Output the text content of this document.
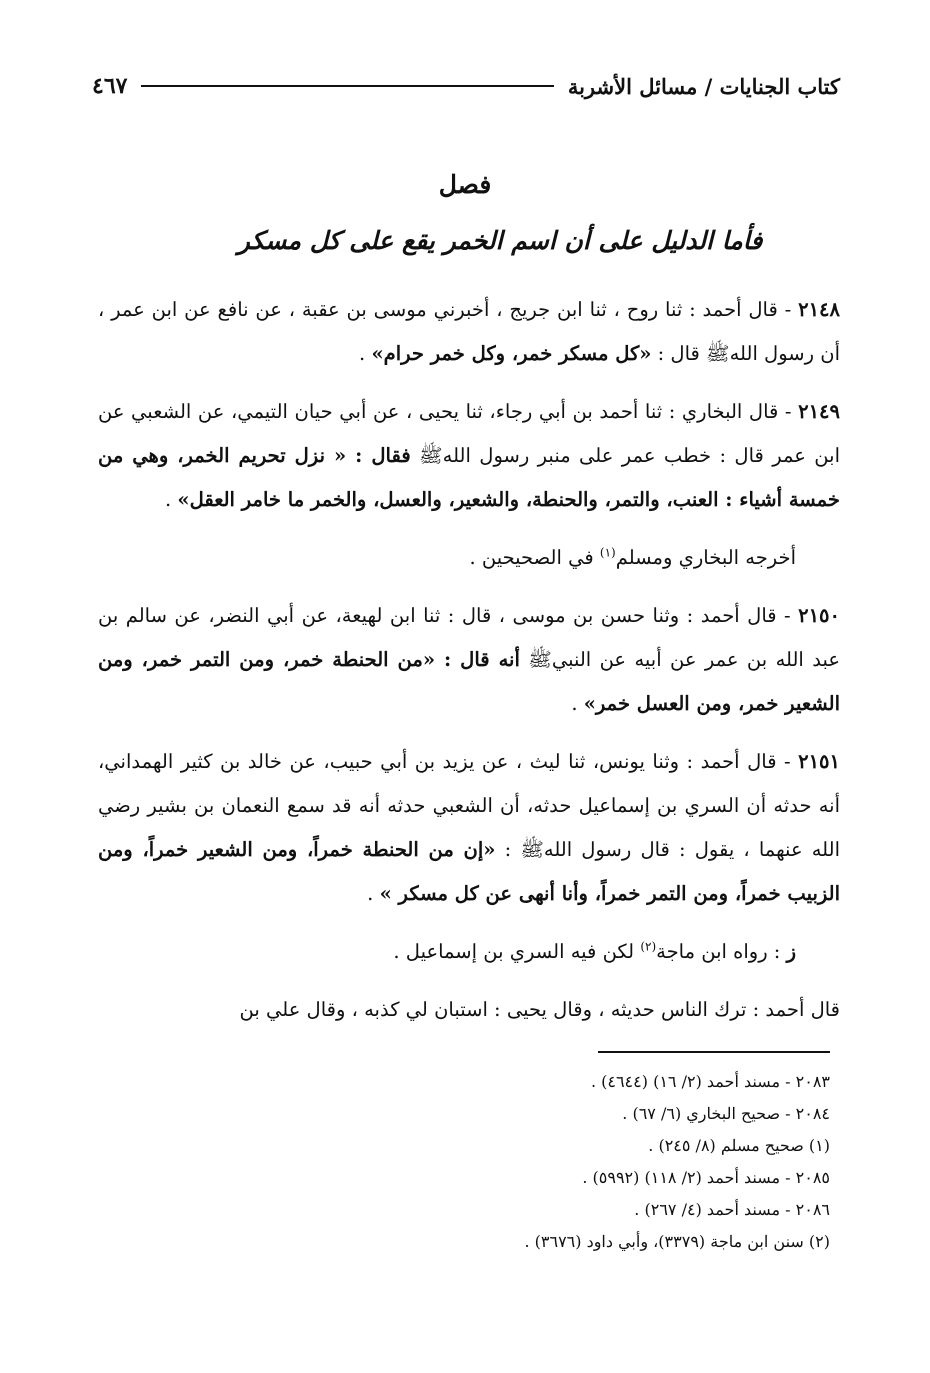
كتاب الجنايات / مسائل الأشربة
٤٦٧
فصل
فأما الدليل على أن اسم الخمر يقع على كل مسكر

٢١٤٨ - قال أحمد : ثنا روح ، ثنا ابن جريج ، أخبرني موسى بن عقبة ، عن نافع عن ابن عمر ، أن رسول اللهﷺ قال : «كل مسكر خمر، وكل خمر حرام» .

٢١٤٩ - قال البخاري : ثنا أحمد بن أبي رجاء، ثنا يحيى ، عن أبي حيان التيمي، عن الشعبي عن ابن عمر قال : خطب عمر على منبر رسول اللهﷺ فقال : « نزل تحريم الخمر، وهي من خمسة أشياء : العنب، والتمر، والحنطة، والشعير، والعسل، والخمر ما خامر العقل» .

أخرجه البخاري ومسلم$^{(١)}$ في الصحيحين .

٢١٥٠ - قال أحمد : وثنا حسن بن موسى ، قال : ثنا ابن لهيعة، عن أبي النضر، عن سالم بن عبد الله بن عمر عن أبيه عن النبيﷺ أنه قال : «من الحنطة خمر، ومن التمر خمر، ومن الشعير خمر، ومن العسل خمر» .

٢١٥١ - قال أحمد : وثنا يونس، ثنا ليث ، عن يزيد بن أبي حبيب، عن خالد بن كثير الهمداني، أنه حدثه أن السري بن إسماعيل حدثه، أن الشعبي حدثه أنه قد سمع النعمان بن بشير رضي الله عنهما ، يقول : قال رسول اللهﷺ : «إن من الحنطة خمراً، ومن الشعير خمراً، ومن الزبيب خمراً، ومن التمر خمراً، وأنا أنهى عن كل مسكر » .

ز : رواه ابن ماجة$^{(٢)}$ لكن فيه السري بن إسماعيل .

قال أحمد : ترك الناس حديثه ، وقال يحيى : استبان لي كذبه ، وقال علي بن

٢٠٨٣ - مسند أحمد (٢/ ١٦) (٤٦٤٤) .
٢٠٨٤ - صحيح البخاري (٦/ ٦٧) .
(١) صحيح مسلم (٨/ ٢٤٥) .
٢٠٨٥ - مسند أحمد (٢/ ١١٨) (٥٩٩٢) .
٢٠٨٦ - مسند أحمد (٤/ ٢٦٧) .
(٢) سنن ابن ماجة (٣٣٧٩)، وأبي داود (٣٦٧٦) .
